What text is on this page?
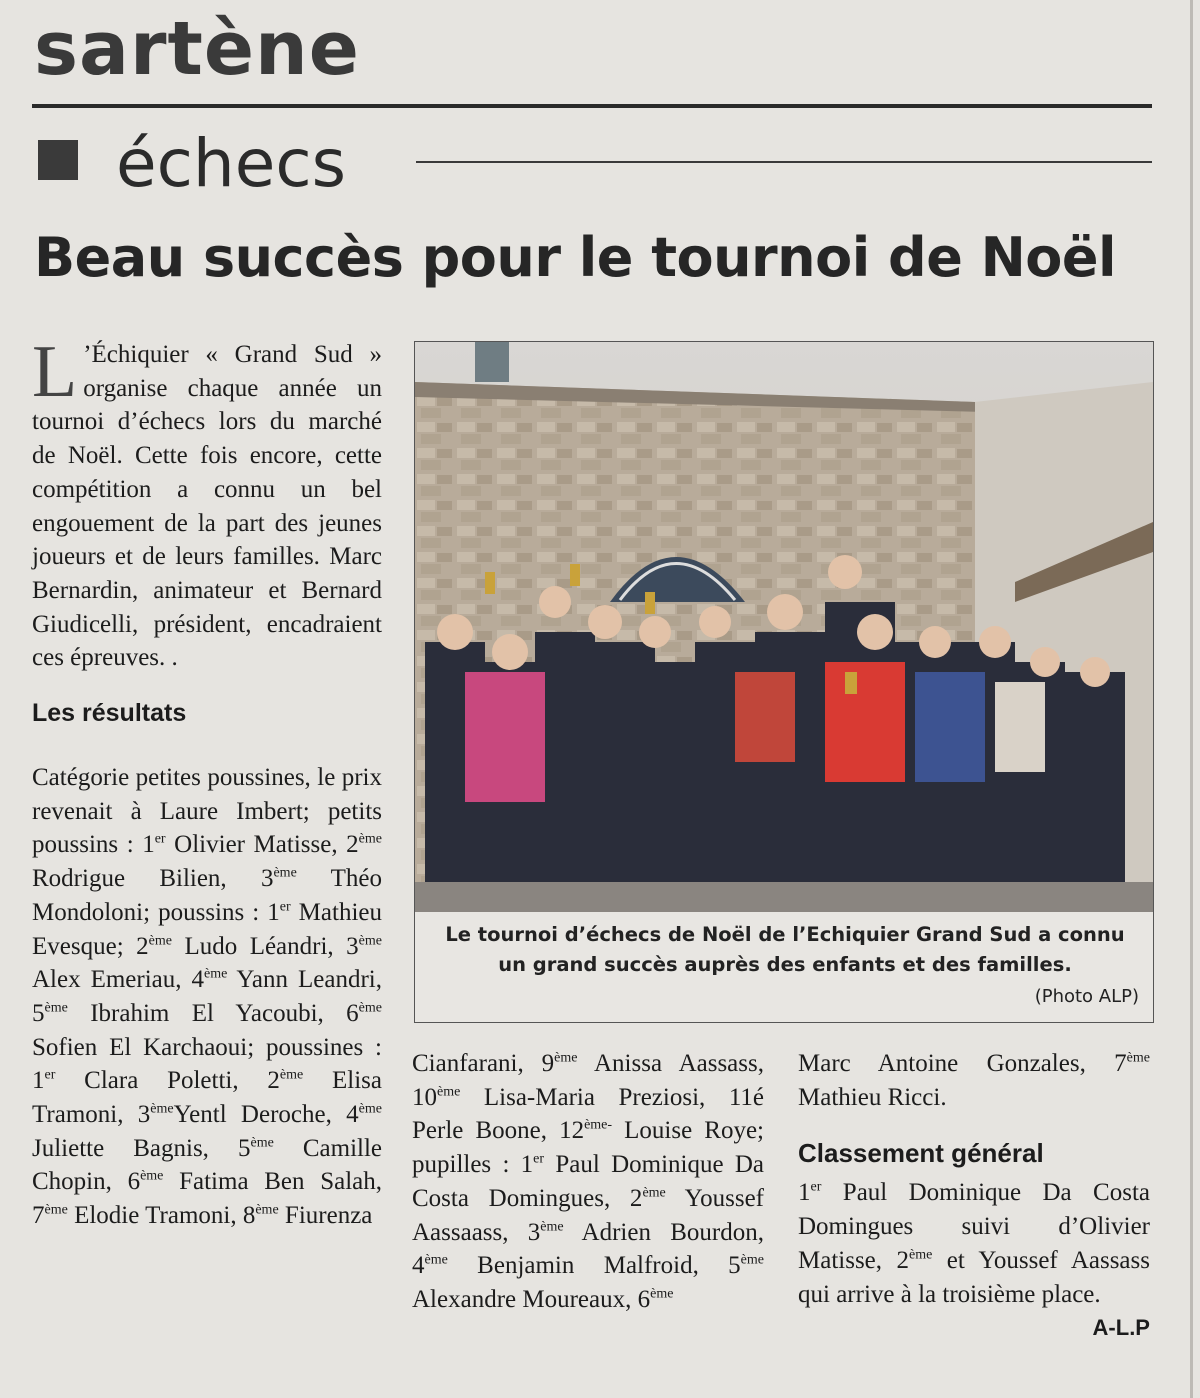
sartène
échecs
Beau succès pour le tournoi de Noël

L ’Échiquier « Grand Sud » organise chaque année un tournoi d’échecs lors du marché de Noël. Cette fois encore, cette compétition a connu un bel engouement de la part des jeunes joueurs et de leurs familles. Marc Bernardin, animateur et Bernard Giudicelli, président, encadraient ces épreuves. .

Les résultats

Catégorie petites poussines, le prix revenait à Laure Imbert; petits poussins : 1er Olivier Matisse, 2ème Rodrigue Bilien, 3ème Théo Mondoloni; poussins : 1er Mathieu Evesque; 2ème Ludo Léandri, 3ème Alex Emeriau, 4ème Yann Leandri, 5ème Ibrahim El Yacoubi, 6ème Sofien El Karchaoui; poussines : 1er Clara Poletti, 2ème Elisa Tramoni, 3èmeYentl Deroche, 4ème Juliette Bagnis, 5ème Camille Chopin, 6ème Fatima Ben Salah, 7ème Elodie Tramoni, 8ème Fiurenza

Le tournoi d’échecs de Noël de l’Echiquier Grand Sud a connu un grand succès auprès des enfants et des familles.
(Photo ALP)

Cianfarani, 9ème Anissa Aassass, 10ème Lisa-Maria Preziosi, 11é Perle Boone, $12^{ème-}$ Louise Roye; pupilles : 1er Paul Dominique Da Costa Domingues, 2ème Youssef Aassaass, 3ème Adrien Bourdon, 4ème Benjamin Malfroid, 5ème Alexandre Moureaux, 6ème

Marc Antoine Gonzales, 7ème Mathieu Ricci.

Classement général

1er Paul Dominique Da Costa Domingues suivi d’Olivier Matisse, 2ème et Youssef Aassass qui arrive à la troisième place.

A-L.P
